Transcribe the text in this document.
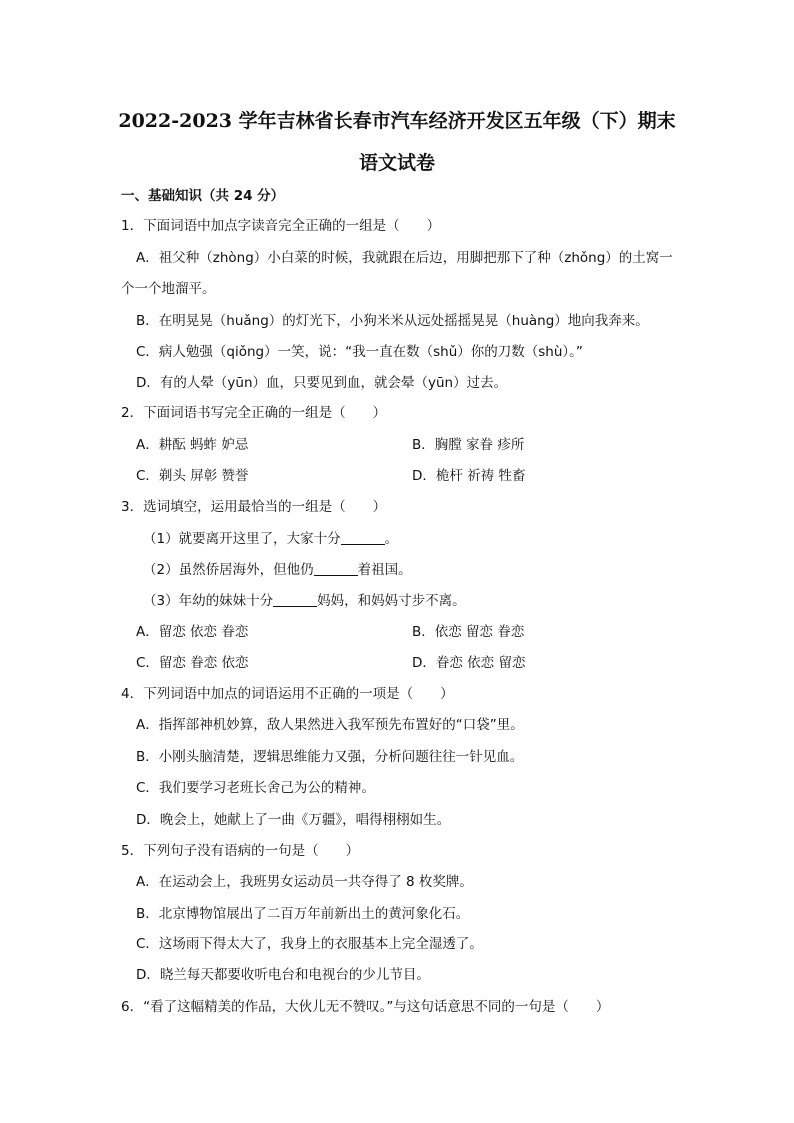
2022-2023 学年吉林省长春市汽车经济开发区五年级（下）期末
语文试卷
一、基础知识（共 24 分）
1．下面词语中加点字读音完全正确的一组是（　　）
A．祖父种（zhòng）小白菜的时候，我就跟在后边，用脚把那下了种（zhǒng）的土窝一
个一个地溜平。
B．在明晃晃（huǎng）的灯光下，小狗米米从远处摇摇晃晃（huàng）地向我奔来。
C．病人勉强（qiǒng）一笑，说：“我一直在数（shǔ）你的刀数（shù）。”
D．有的人晕（yūn）血，只要见到血，就会晕（yūn）过去。
2．下面词语书写完全正确的一组是（　　）
A．耕酝 蚂蚱 妒忌	B．胸膛 家眷 疹所
C．剃头 屏彰 赞誉	D．桅杆 祈祷 牲畜
3．选词填空，运用最恰当的一组是（　　）
（1）就要离开这里了，大家十分	。
（2）虽然侨居海外，但他仍	着祖国。
（3）年幼的妹妹十分	妈妈，和妈妈寸步不离。
A．留恋 依恋 眷恋	B．依恋 留恋 眷恋
C．留恋 眷恋 依恋	D．眷恋 依恋 留恋
4．下列词语中加点的词语运用不正确的一项是（　　）
A．指挥部神机妙算，敌人果然进入我军预先布置好的“口袋”里。
B．小刚头脑清楚，逻辑思维能力又强，分析问题往往一针见血。
C．我们要学习老班长舍己为公的精神。
D．晚会上，她献上了一曲《万疆》，唱得栩栩如生。
5．下列句子没有语病的一句是（　　）
A．在运动会上，我班男女运动员一共夺得了 8 枚奖牌。
B．北京博物馆展出了二百万年前新出土的黄河象化石。
C．这场雨下得太大了，我身上的衣服基本上完全湿透了。
D．晓兰每天都要收听电台和电视台的少儿节目。
6．“看了这幅精美的作品，大伙儿无不赞叹。”与这句话意思不同的一句是（　　）
